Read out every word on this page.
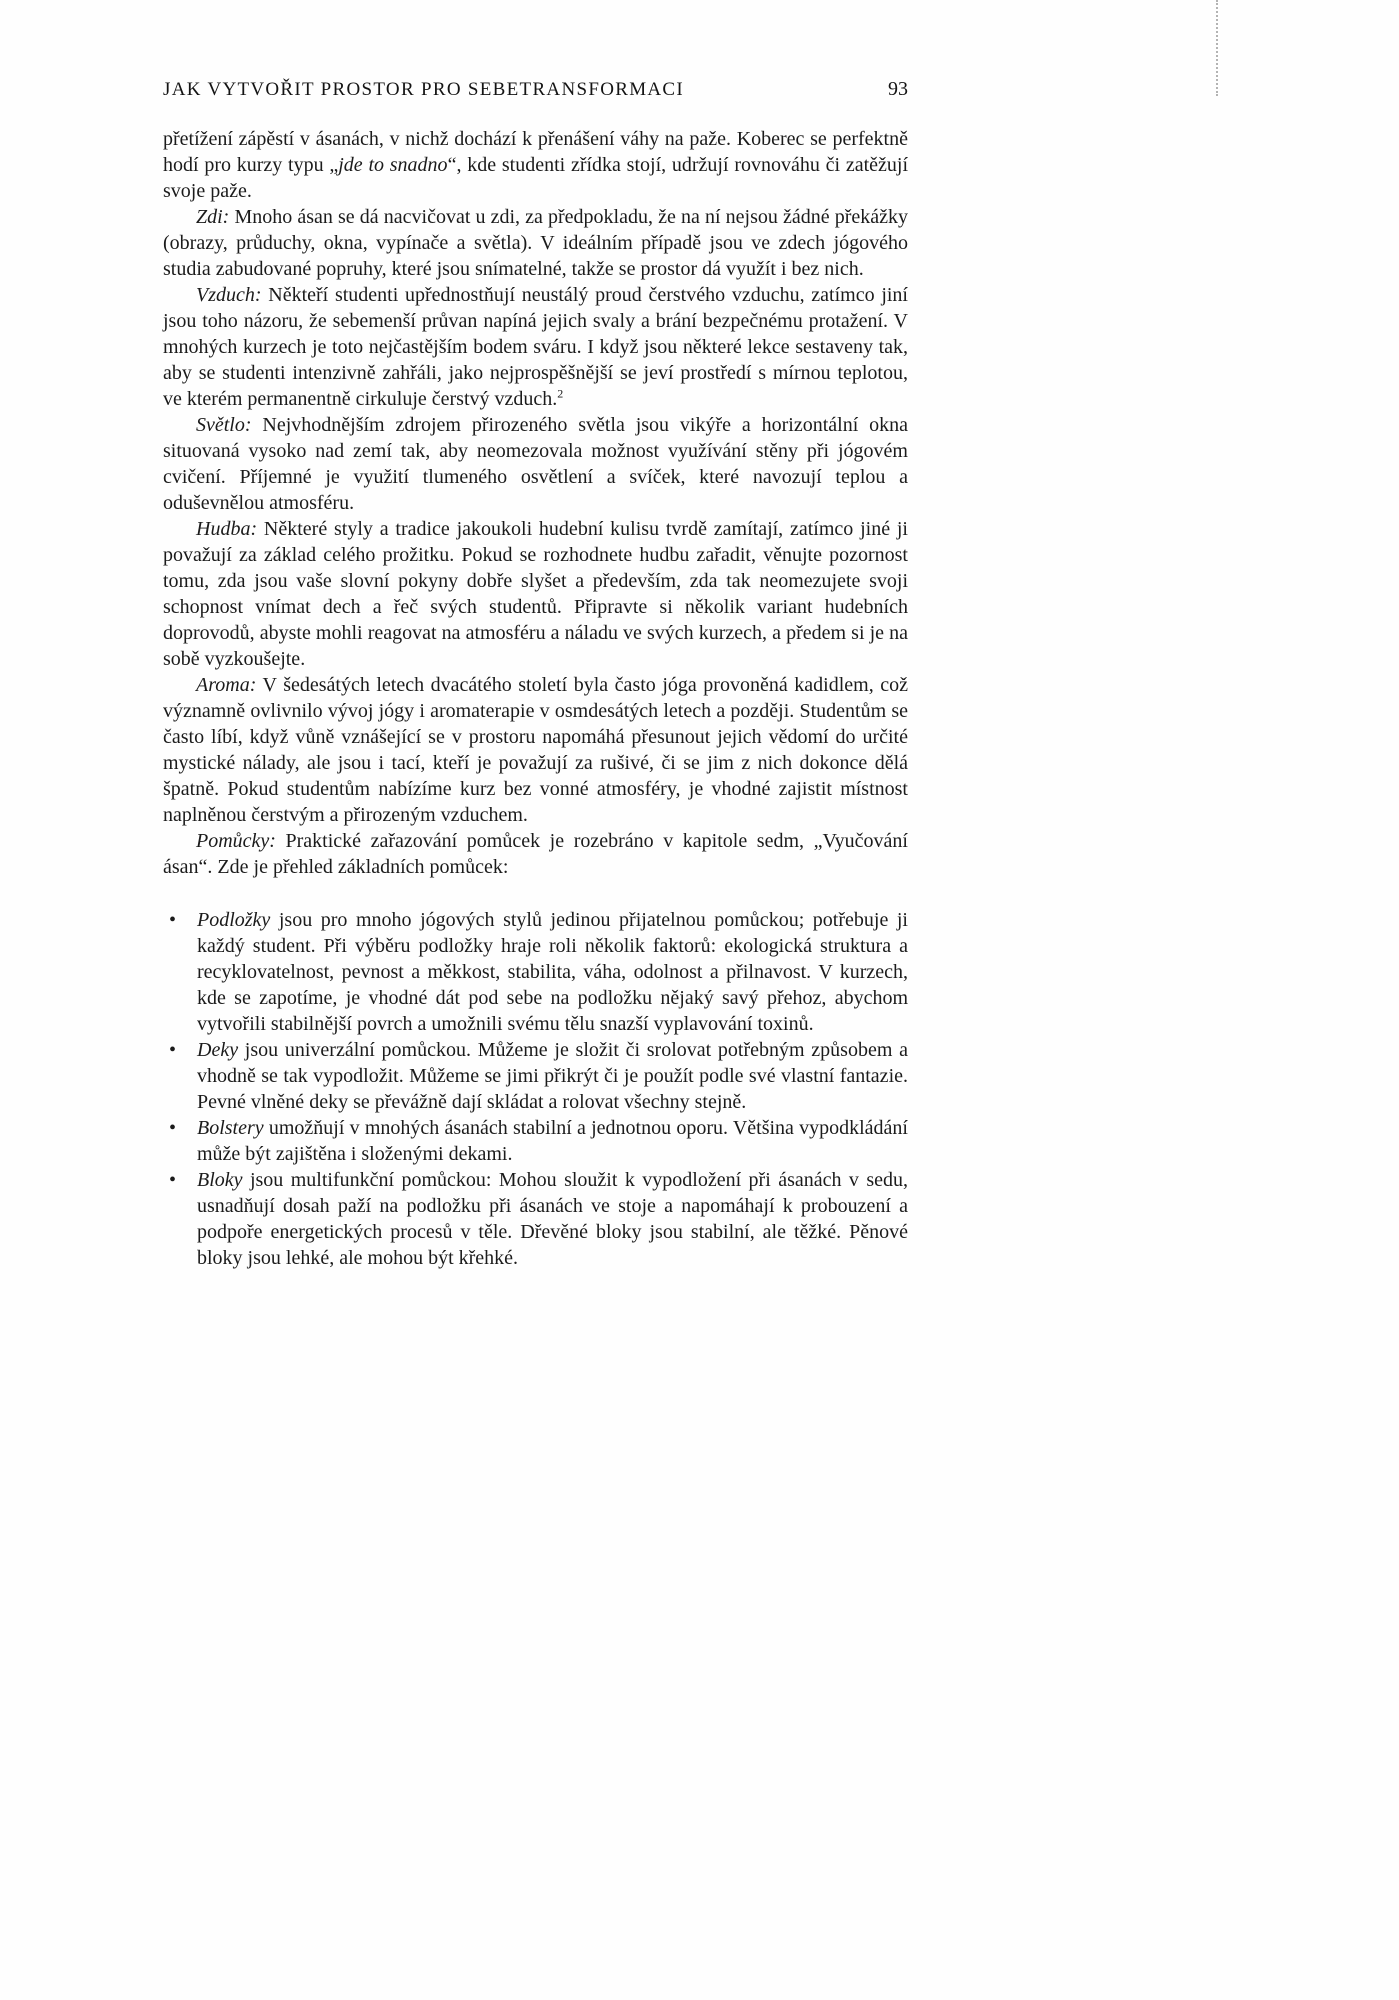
JAK VYTVOŘIT PROSTOR PRO SEBETRANSFORMACI	93

přetížení zápěstí v ásanách, v nichž dochází k přenášení váhy na paže. Koberec se perfektně hodí pro kurzy typu „jde to snadno“, kde studenti zřídka stojí, udržují rovnováhu či zatěžují svoje paže.

Zdi: Mnoho ásan se dá nacvičovat u zdi, za předpokladu, že na ní nejsou žádné překážky (obrazy, průduchy, okna, vypínače a světla). V ideálním případě jsou ve zdech jógového studia zabudované popruhy, které jsou snímatelné, takže se prostor dá využít i bez nich.

Vzduch: Někteří studenti upřednostňují neustálý proud čerstvého vzduchu, zatímco jiní jsou toho názoru, že sebemenší průvan napíná jejich svaly a brání bezpečnému protažení. V mnohých kurzech je toto nejčastějším bodem sváru. I když jsou některé lekce sestaveny tak, aby se studenti intenzivně zahřáli, jako nejprospěšnější se jeví prostředí s mírnou teplotou, ve kterém permanentně cirkuluje čerstvý vzduch.$^2$

Světlo: Nejvhodnějším zdrojem přirozeného světla jsou vikýře a horizontální okna situovaná vysoko nad zemí tak, aby neomezovala možnost využívání stěny při jógovém cvičení. Příjemné je využití tlumeného osvětlení a svíček, které navozují teplou a oduševnělou atmosféru.

Hudba: Některé styly a tradice jakoukoli hudební kulisu tvrdě zamítají, zatímco jiné ji považují za základ celého prožitku. Pokud se rozhodnete hudbu zařadit, věnujte pozornost tomu, zda jsou vaše slovní pokyny dobře slyšet a především, zda tak neomezujete svoji schopnost vnímat dech a řeč svých studentů. Připravte si několik variant hudebních doprovodů, abyste mohli reagovat na atmosféru a náladu ve svých kurzech, a předem si je na sobě vyzkoušejte.

Aroma: V šedesátých letech dvacátého století byla často jóga provoněná kadidlem, což významně ovlivnilo vývoj jógy i aromaterapie v osmdesátých letech a později. Studentům se často líbí, když vůně vznášející se v prostoru napomáhá přesunout jejich vědomí do určité mystické nálady, ale jsou i tací, kteří je považují za rušivé, či se jim z nich dokonce dělá špatně. Pokud studentům nabízíme kurz bez vonné atmosféry, je vhodné zajistit místnost naplněnou čerstvým a přirozeným vzduchem.

Pomůcky: Praktické zařazování pomůcek je rozebráno v kapitole sedm, „Vyučování ásan“. Zde je přehled základních pomůcek:

• Podložky jsou pro mnoho jógových stylů jedinou přijatelnou pomůckou; potřebuje ji každý student. Při výběru podložky hraje roli několik faktorů: ekologická struktura a recyklovatelnost, pevnost a měkkost, stabilita, váha, odolnost a přilnavost. V kurzech, kde se zapotíme, je vhodné dát pod sebe na podložku nějaký savý přehoz, abychom vytvořili stabilnější povrch a umožnili svému tělu snazší vyplavování toxinů.
• Deky jsou univerzální pomůckou. Můžeme je složit či srolovat potřebným způsobem a vhodně se tak vypodložit. Můžeme se jimi přikrýt či je použít podle své vlastní fantazie. Pevné vlněné deky se převážně dají skládat a rolovat všechny stejně.
• Bolstery umožňují v mnohých ásanách stabilní a jednotnou oporu. Většina vypodkládání může být zajištěna i složenými dekami.
• Bloky jsou multifunkční pomůckou: Mohou sloužit k vypodložení při ásanách v sedu, usnadňují dosah paží na podložku při ásanách ve stoje a napomáhají k probouzení a podpoře energetických procesů v těle. Dřevěné bloky jsou stabilní, ale těžké. Pěnové bloky jsou lehké, ale mohou být křehké.
